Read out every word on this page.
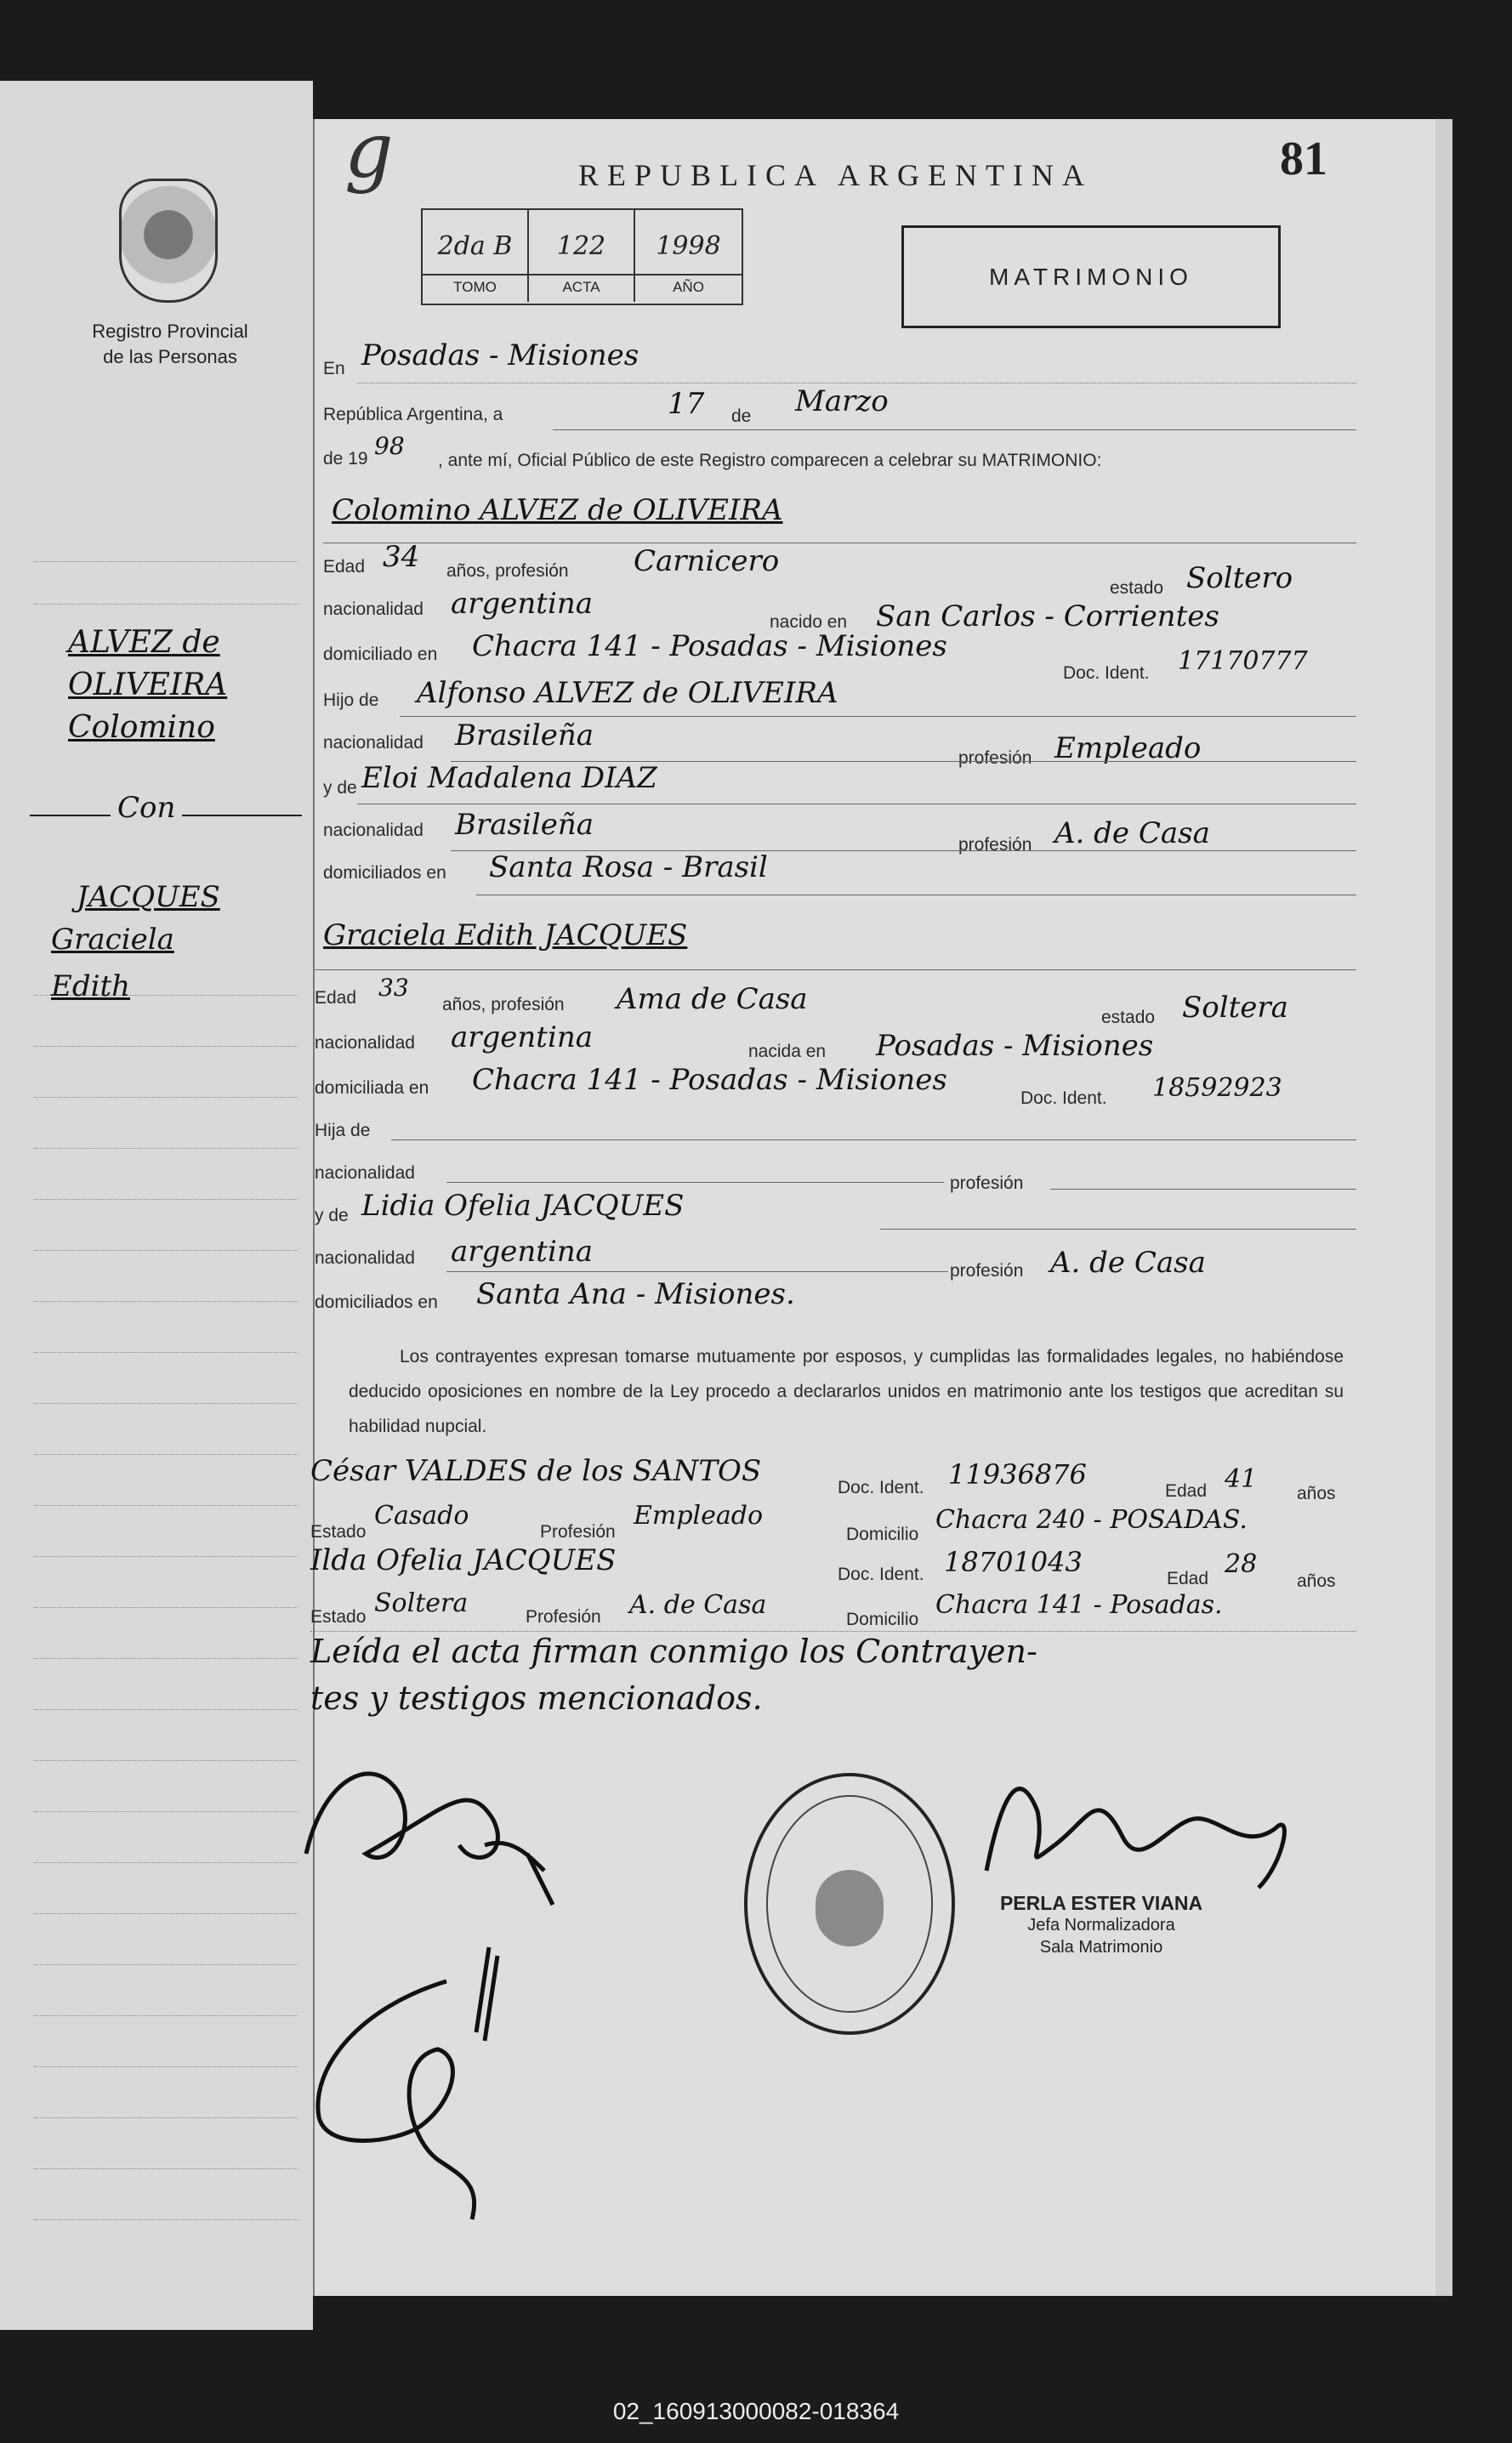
Registro Provincial
de las Personas
ALVEZ de
OLIVEIRA
Colomino
Con
JACQUES
Graciela
Edith
g	REPUBLICA ARGENTINA	81
2da B
TOMO
122
ACTA
1998
AÑO	MATRIMONIO
En Posadas - Misiones
República Argentina, a	17 de Marzo
de 19 98
, ante mí, Oficial Público de este Registro comparecen a celebrar su MATRIMONIO:
Colomino ALVEZ de OLIVEIRA
Edad 34 años, profesión Carnicero
estado Soltero
nacionalidad argentina
nacido en San Carlos - Corrientes
domiciliado en Chacra 141 - Posadas - Misiones
Doc. Ident. 17170777
Hijo de Alfonso ALVEZ de OLIVEIRA
nacionalidad Brasileña
profesión Empleado
y de Eloi Madalena DIAZ
nacionalidad Brasileña
profesión A. de Casa
domiciliados en Santa Rosa - Brasil
Graciela Edith JACQUES
Edad 33
años, profesión Ama de Casa
estado Soltera
nacionalidad argentina	nacida en Posadas - Misiones
domiciliada en Chacra 141 - Posadas - Misiones
Doc. Ident. 18592923
Hija de
nacionalidad
profesión
y de Lidia Ofelia JACQUES
nacionalidad argentina
profesión A. de Casa
domiciliados en Santa Ana - Misiones.
Los contrayentes expresan tomarse mutuamente por esposos, y cumplidas las formalidades legales, no habiéndose deducido oposiciones en nombre de la Ley procedo a declararlos unidos en matrimonio ante los testigos que acreditan su habilidad nupcial.
César VALDES de los SANTOS	Doc. Ident. 11936876
Edad 41 años
Estado
Casado
Profesión
Empleado
Domicilio Chacra 240 - POSADAS.
Ilda Ofelia JACQUES	Doc. Ident. 18701043
Edad 28
años
Estado Soltera	Profesión A. de Casa	Domicilio Chacra 141 - Posadas.
Leída el acta firman conmigo los Contrayen-
tes y testigos mencionados.
PERLA ESTER VIANA
Jefa Normalizadora
Sala Matrimonio
02_160913000082-018364
